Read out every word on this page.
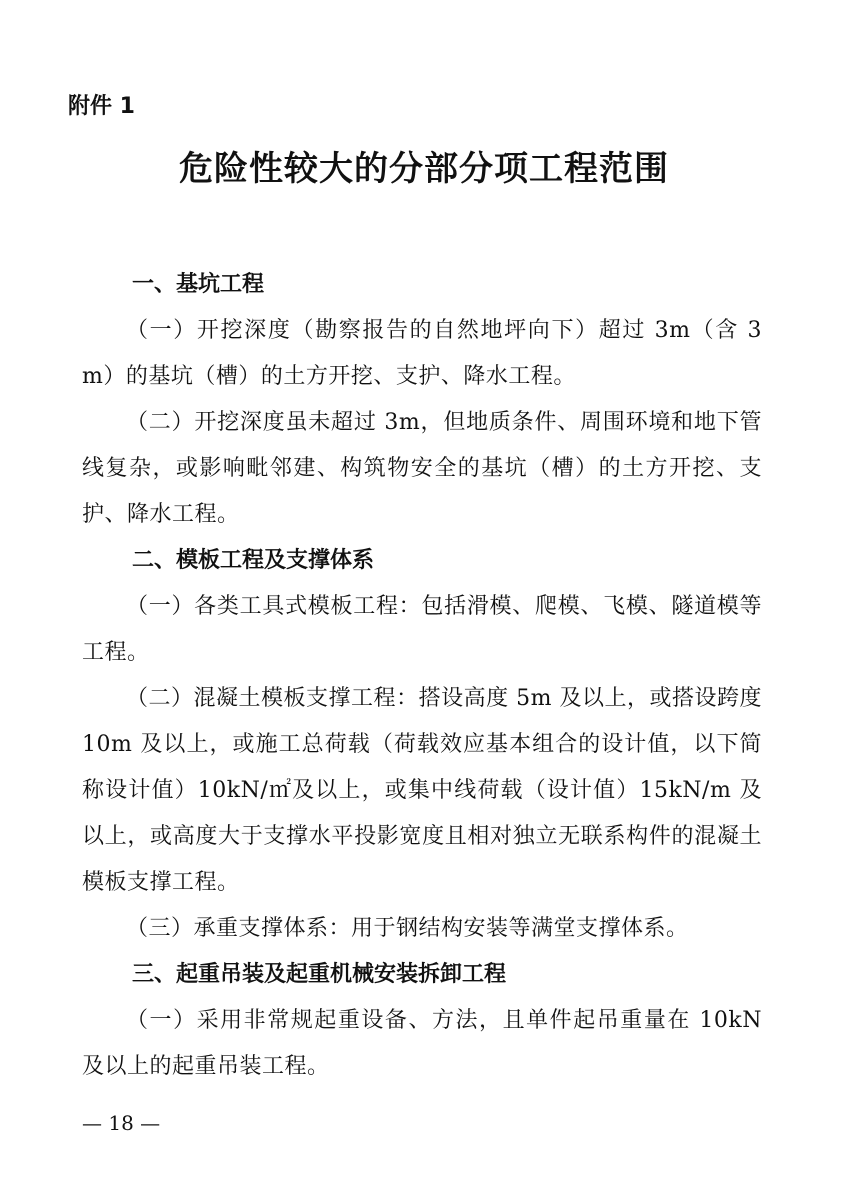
附件 1
危险性较大的分部分项工程范围

一、基坑工程

（一）开挖深度（勘察报告的自然地坪向下）超过 3m（含 3m）的基坑（槽）的土方开挖、支护、降水工程。

（二）开挖深度虽未超过 3m，但地质条件、周围环境和地下管线复杂，或影响毗邻建、构筑物安全的基坑（槽）的土方开挖、支护、降水工程。

二、模板工程及支撑体系

（一）各类工具式模板工程：包括滑模、爬模、飞模、隧道模等工程。

（二）混凝土模板支撑工程：搭设高度 5m 及以上，或搭设跨度 10m 及以上，或施工总荷载（荷载效应基本组合的设计值，以下简称设计值）10kN/㎡及以上，或集中线荷载（设计值）15kN/m 及以上，或高度大于支撑水平投影宽度且相对独立无联系构件的混凝土模板支撑工程。

（三）承重支撑体系：用于钢结构安装等满堂支撑体系。

三、起重吊装及起重机械安装拆卸工程

（一）采用非常规起重设备、方法，且单件起吊重量在 10kN 及以上的起重吊装工程。

— 18 —
